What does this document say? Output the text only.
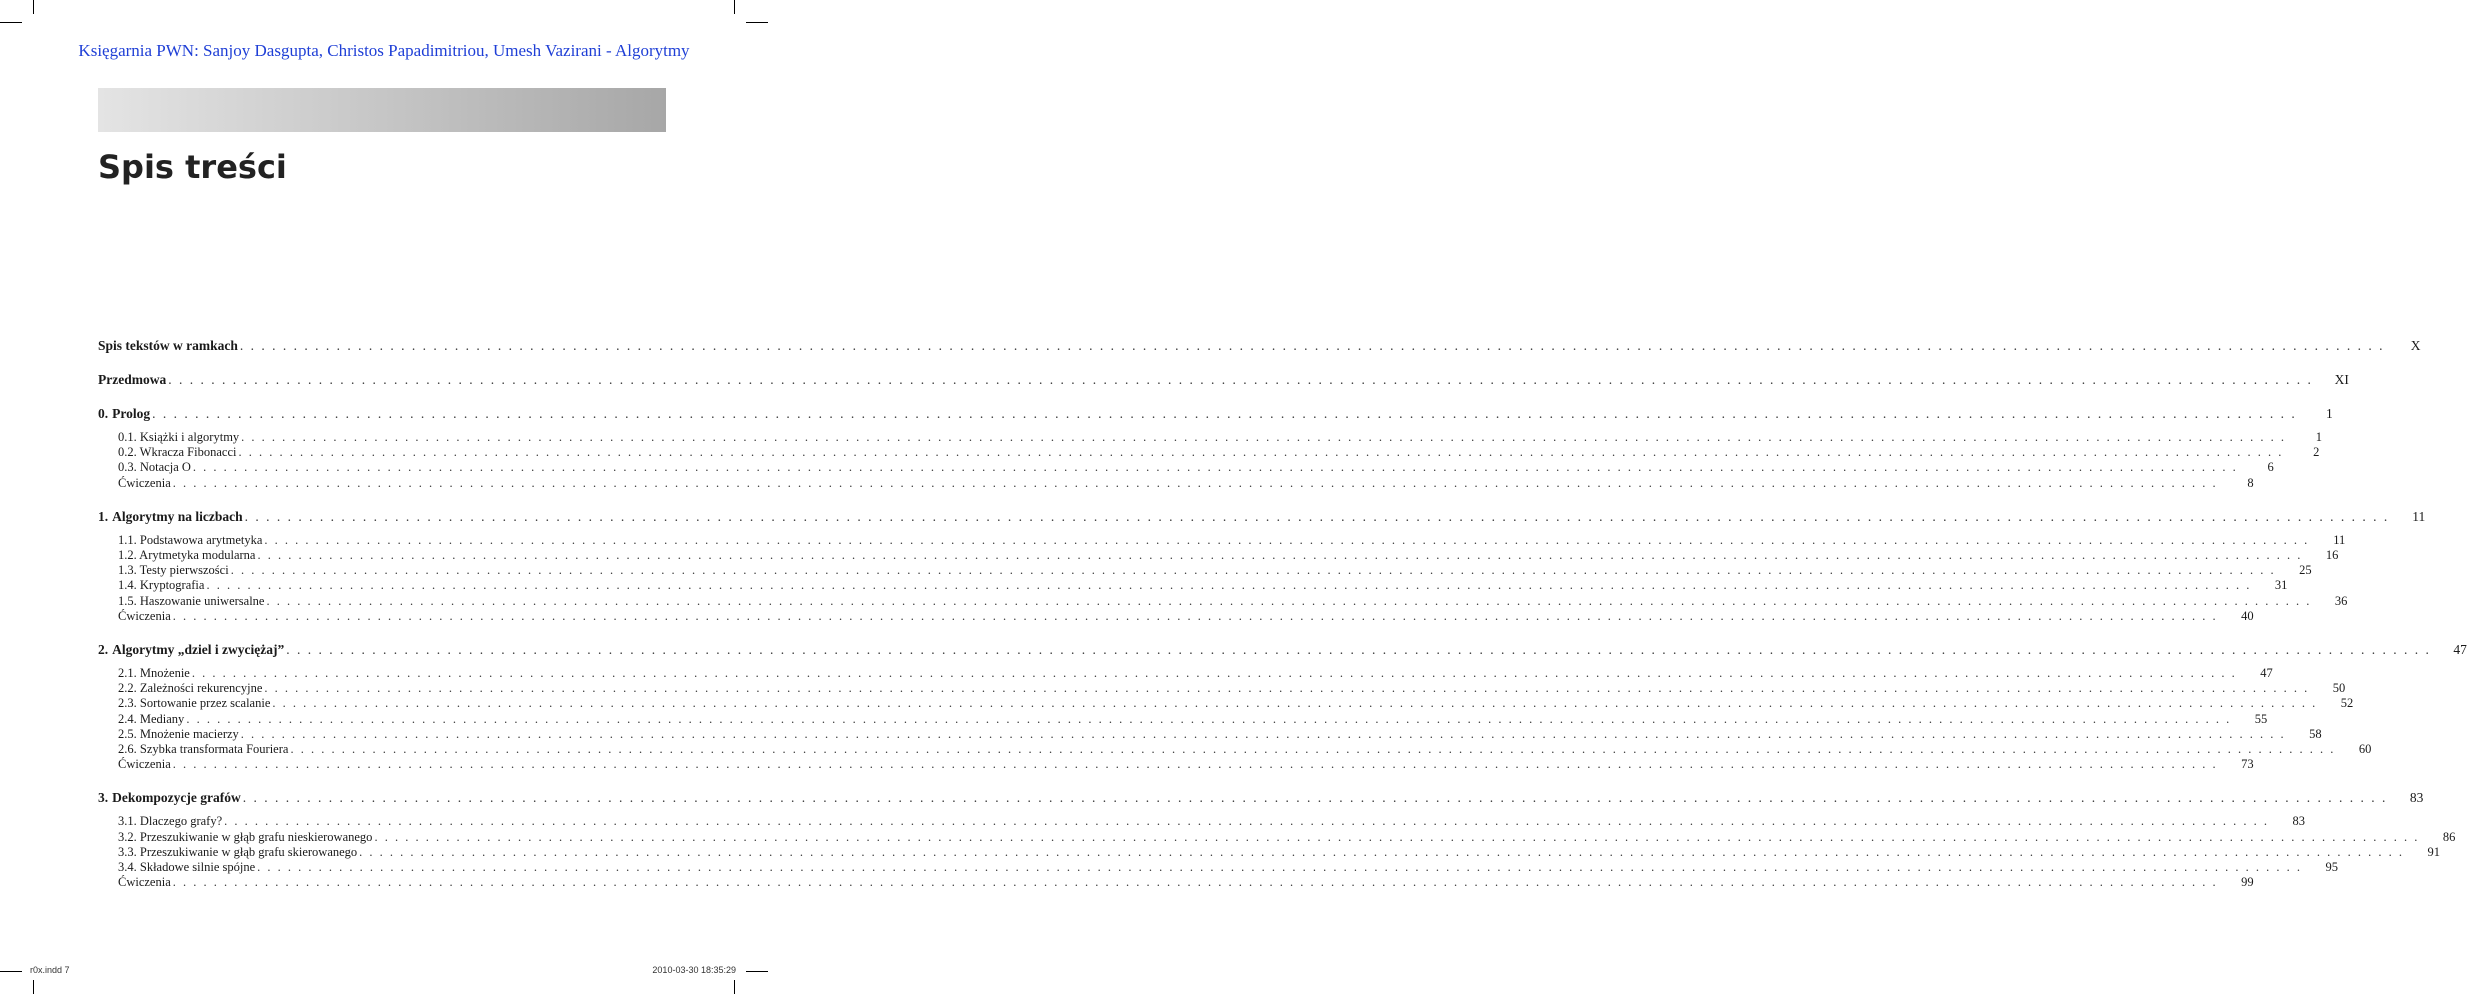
Księgarnia PWN: Sanjoy Dasgupta, Christos Papadimitriou, Umesh Vazirani - Algorytmy
Spis treści
Spis tekstów w ramkach . . . . . . . . . . . . . . . . . . . . . . . . . . . . . . . . . . . . . . . . . . . . . . . . . . . . . . . . . . . . . . . . . . . . . . . . . . . . . . . . . . . . . . . . . . . . . . . . . . . . . . . . . . . . . . . . . . . . . . . . . . . . . . . . . . . . . . . . . . . . . . . . . . . . . . . . . . . . . . . . . . . . . . . . . . . . . . . . . . . . . . . . . . . . . . . . . . . . . . . .	X
Przedmowa . . . . . . . . . . . . . . . . . . . . . . . . . . . . . . . . . . . . . . . . . . . . . . . . . . . . . . . . . . . . . . . . . . . . . . . . . . . . . . . . . . . . . . . . . . . . . . . . . . . . . . . . . . . . . . . . . . . . . . . . . . . . . . . . . . . . . . . . . . . . . . . . . . . . . . . . . . . . . . . . . . . . . . . . . . . . . . . . . . . . . . . . . . . . . . . . . . . . . . . .	XI
0. Prolog . . . . . . . . . . . . . . . . . . . . . . . . . . . . . . . . . . . . . . . . . . . . . . . . . . . . . . . . . . . . . . . . . . . . . . . . . . . . . . . . . . . . . . . . . . . . . . . . . . . . . . . . . . . . . . . . . . . . . . . . . . . . . . . . . . . . . . . . . . . . . . . . . . . . . . . . . . . . . . . . . . . . . . . . . . . . . . . . . . . . . . . . . . . . . . . . . . . . . . . .	1
0.1. Książki i algorytmy . . . . . . . . . . . . . . . . . . . . . . . . . . . . . . . . . . . . . . . . . . . . . . . . . . . . . . . . . . . . . . . . . . . . . . . . . . . . . . . . . . . . . . . . . . . . . . . . . . . . . . . . . . . . . . . . . . . . . . . . . . . . . . . . . . . . . . . . . . . . . . . . . . . . . . . . . . . . . . . . . . . . . . . . . . . . . . . . . . . . . . . . . . . . . . . . . . . . . . . .	1
0.2. Wkracza Fibonacci . . . . . . . . . . . . . . . . . . . . . . . . . . . . . . . . . . . . . . . . . . . . . . . . . . . . . . . . . . . . . . . . . . . . . . . . . . . . . . . . . . . . . . . . . . . . . . . . . . . . . . . . . . . . . . . . . . . . . . . . . . . . . . . . . . . . . . . . . . . . . . . . . . . . . . . . . . . . . . . . . . . . . . . . . . . . . . . . . . . . . . . . . . . . . . . . . . . . . . . .	2
0.3. Notacja O . . . . . . . . . . . . . . . . . . . . . . . . . . . . . . . . . . . . . . . . . . . . . . . . . . . . . . . . . . . . . . . . . . . . . . . . . . . . . . . . . . . . . . . . . . . . . . . . . . . . . . . . . . . . . . . . . . . . . . . . . . . . . . . . . . . . . . . . . . . . . . . . . . . . . . . . . . . . . . . . . . . . . . . . . . . . . . . . . . . . . . . . . . . . . . . . . . . . . . . .	6
Ćwiczenia . . . . . . . . . . . . . . . . . . . . . . . . . . . . . . . . . . . . . . . . . . . . . . . . . . . . . . . . . . . . . . . . . . . . . . . . . . . . . . . . . . . . . . . . . . . . . . . . . . . . . . . . . . . . . . . . . . . . . . . . . . . . . . . . . . . . . . . . . . . . . . . . . . . . . . . . . . . . . . . . . . . . . . . . . . . . . . . . . . . . . . . . . . . . . . . . . . . . . . . .	8
1. Algorytmy na liczbach . . . . . . . . . . . . . . . . . . . . . . . . . . . . . . . . . . . . . . . . . . . . . . . . . . . . . . . . . . . . . . . . . . . . . . . . . . . . . . . . . . . . . . . . . . . . . . . . . . . . . . . . . . . . . . . . . . . . . . . . . . . . . . . . . . . . . . . . . . . . . . . . . . . . . . . . . . . . . . . . . . . . . . . . . . . . . . . . . . . . . . . . . . . . . . . . . . . . . . . .	11
1.1. Podstawowa arytmetyka . . . . . . . . . . . . . . . . . . . . . . . . . . . . . . . . . . . . . . . . . . . . . . . . . . . . . . . . . . . . . . . . . . . . . . . . . . . . . . . . . . . . . . . . . . . . . . . . . . . . . . . . . . . . . . . . . . . . . . . . . . . . . . . . . . . . . . . . . . . . . . . . . . . . . . . . . . . . . . . . . . . . . . . . . . . . . . . . . . . . . . . . . . . . . . . . . . . . . . . .	11
1.2. Arytmetyka modularna . . . . . . . . . . . . . . . . . . . . . . . . . . . . . . . . . . . . . . . . . . . . . . . . . . . . . . . . . . . . . . . . . . . . . . . . . . . . . . . . . . . . . . . . . . . . . . . . . . . . . . . . . . . . . . . . . . . . . . . . . . . . . . . . . . . . . . . . . . . . . . . . . . . . . . . . . . . . . . . . . . . . . . . . . . . . . . . . . . . . . . . . . . . . . . . . . . . . . . . .	16
1.3. Testy pierwszości . . . . . . . . . . . . . . . . . . . . . . . . . . . . . . . . . . . . . . . . . . . . . . . . . . . . . . . . . . . . . . . . . . . . . . . . . . . . . . . . . . . . . . . . . . . . . . . . . . . . . . . . . . . . . . . . . . . . . . . . . . . . . . . . . . . . . . . . . . . . . . . . . . . . . . . . . . . . . . . . . . . . . . . . . . . . . . . . . . . . . . . . . . . . . . . . . . . . . . . .	25
1.4. Kryptografia . . . . . . . . . . . . . . . . . . . . . . . . . . . . . . . . . . . . . . . . . . . . . . . . . . . . . . . . . . . . . . . . . . . . . . . . . . . . . . . . . . . . . . . . . . . . . . . . . . . . . . . . . . . . . . . . . . . . . . . . . . . . . . . . . . . . . . . . . . . . . . . . . . . . . . . . . . . . . . . . . . . . . . . . . . . . . . . . . . . . . . . . . . . . . . . . . . . . . . . .	31
1.5. Haszowanie uniwersalne . . . . . . . . . . . . . . . . . . . . . . . . . . . . . . . . . . . . . . . . . . . . . . . . . . . . . . . . . . . . . . . . . . . . . . . . . . . . . . . . . . . . . . . . . . . . . . . . . . . . . . . . . . . . . . . . . . . . . . . . . . . . . . . . . . . . . . . . . . . . . . . . . . . . . . . . . . . . . . . . . . . . . . . . . . . . . . . . . . . . . . . . . . . . . . . . . . . . . . . .	36
Ćwiczenia . . . . . . . . . . . . . . . . . . . . . . . . . . . . . . . . . . . . . . . . . . . . . . . . . . . . . . . . . . . . . . . . . . . . . . . . . . . . . . . . . . . . . . . . . . . . . . . . . . . . . . . . . . . . . . . . . . . . . . . . . . . . . . . . . . . . . . . . . . . . . . . . . . . . . . . . . . . . . . . . . . . . . . . . . . . . . . . . . . . . . . . . . . . . . . . . . . . . . . . .	40
2. Algorytmy „dziel i zwyciężaj” . . . . . . . . . . . . . . . . . . . . . . . . . . . . . . . . . . . . . . . . . . . . . . . . . . . . . . . . . . . . . . . . . . . . . . . . . . . . . . . . . . . . . . . . . . . . . . . . . . . . . . . . . . . . . . . . . . . . . . . . . . . . . . . . . . . . . . . . . . . . . . . . . . . . . . . . . . . . . . . . . . . . . . . . . . . . . . . . . . . . . . . . . . . . . . . . . . . . . . . .	47
2.1. Mnożenie . . . . . . . . . . . . . . . . . . . . . . . . . . . . . . . . . . . . . . . . . . . . . . . . . . . . . . . . . . . . . . . . . . . . . . . . . . . . . . . . . . . . . . . . . . . . . . . . . . . . . . . . . . . . . . . . . . . . . . . . . . . . . . . . . . . . . . . . . . . . . . . . . . . . . . . . . . . . . . . . . . . . . . . . . . . . . . . . . . . . . . . . . . . . . . . . . . . . . . . .	47
2.2. Zależności rekurencyjne . . . . . . . . . . . . . . . . . . . . . . . . . . . . . . . . . . . . . . . . . . . . . . . . . . . . . . . . . . . . . . . . . . . . . . . . . . . . . . . . . . . . . . . . . . . . . . . . . . . . . . . . . . . . . . . . . . . . . . . . . . . . . . . . . . . . . . . . . . . . . . . . . . . . . . . . . . . . . . . . . . . . . . . . . . . . . . . . . . . . . . . . . . . . . . . . . . . . . . . .	50
2.3. Sortowanie przez scalanie . . . . . . . . . . . . . . . . . . . . . . . . . . . . . . . . . . . . . . . . . . . . . . . . . . . . . . . . . . . . . . . . . . . . . . . . . . . . . . . . . . . . . . . . . . . . . . . . . . . . . . . . . . . . . . . . . . . . . . . . . . . . . . . . . . . . . . . . . . . . . . . . . . . . . . . . . . . . . . . . . . . . . . . . . . . . . . . . . . . . . . . . . . . . . . . . . . . . . . . .	52
2.4. Mediany . . . . . . . . . . . . . . . . . . . . . . . . . . . . . . . . . . . . . . . . . . . . . . . . . . . . . . . . . . . . . . . . . . . . . . . . . . . . . . . . . . . . . . . . . . . . . . . . . . . . . . . . . . . . . . . . . . . . . . . . . . . . . . . . . . . . . . . . . . . . . . . . . . . . . . . . . . . . . . . . . . . . . . . . . . . . . . . . . . . . . . . . . . . . . . . . . . . . . . . .	55
2.5. Mnożenie macierzy . . . . . . . . . . . . . . . . . . . . . . . . . . . . . . . . . . . . . . . . . . . . . . . . . . . . . . . . . . . . . . . . . . . . . . . . . . . . . . . . . . . . . . . . . . . . . . . . . . . . . . . . . . . . . . . . . . . . . . . . . . . . . . . . . . . . . . . . . . . . . . . . . . . . . . . . . . . . . . . . . . . . . . . . . . . . . . . . . . . . . . . . . . . . . . . . . . . . . . . .	58
2.6. Szybka transformata Fouriera . . . . . . . . . . . . . . . . . . . . . . . . . . . . . . . . . . . . . . . . . . . . . . . . . . . . . . . . . . . . . . . . . . . . . . . . . . . . . . . . . . . . . . . . . . . . . . . . . . . . . . . . . . . . . . . . . . . . . . . . . . . . . . . . . . . . . . . . . . . . . . . . . . . . . . . . . . . . . . . . . . . . . . . . . . . . . . . . . . . . . . . . . . . . . . . . . . . . . . . .	60
Ćwiczenia . . . . . . . . . . . . . . . . . . . . . . . . . . . . . . . . . . . . . . . . . . . . . . . . . . . . . . . . . . . . . . . . . . . . . . . . . . . . . . . . . . . . . . . . . . . . . . . . . . . . . . . . . . . . . . . . . . . . . . . . . . . . . . . . . . . . . . . . . . . . . . . . . . . . . . . . . . . . . . . . . . . . . . . . . . . . . . . . . . . . . . . . . . . . . . . . . . . . . . . .	73
3. Dekompozycje grafów . . . . . . . . . . . . . . . . . . . . . . . . . . . . . . . . . . . . . . . . . . . . . . . . . . . . . . . . . . . . . . . . . . . . . . . . . . . . . . . . . . . . . . . . . . . . . . . . . . . . . . . . . . . . . . . . . . . . . . . . . . . . . . . . . . . . . . . . . . . . . . . . . . . . . . . . . . . . . . . . . . . . . . . . . . . . . . . . . . . . . . . . . . . . . . . . . . . . . . . .	83
3.1. Dlaczego grafy? . . . . . . . . . . . . . . . . . . . . . . . . . . . . . . . . . . . . . . . . . . . . . . . . . . . . . . . . . . . . . . . . . . . . . . . . . . . . . . . . . . . . . . . . . . . . . . . . . . . . . . . . . . . . . . . . . . . . . . . . . . . . . . . . . . . . . . . . . . . . . . . . . . . . . . . . . . . . . . . . . . . . . . . . . . . . . . . . . . . . . . . . . . . . . . . . . . . . . . . .	83
3.2. Przeszukiwanie w głąb grafu nieskierowanego . . . . . . . . . . . . . . . . . . . . . . . . . . . . . . . . . . . . . . . . . . . . . . . . . . . . . . . . . . . . . . . . . . . . . . . . . . . . . . . . . . . . . . . . . . . . . . . . . . . . . . . . . . . . . . . . . . . . . . . . . . . . . . . . . . . . . . . . . . . . . . . . . . . . . . . . . . . . . . . . . . . . . . . . . . . . . . . . . . . . . . . . . . . . . . . . . . . . . . . .	86
3.3. Przeszukiwanie w głąb grafu skierowanego . . . . . . . . . . . . . . . . . . . . . . . . . . . . . . . . . . . . . . . . . . . . . . . . . . . . . . . . . . . . . . . . . . . . . . . . . . . . . . . . . . . . . . . . . . . . . . . . . . . . . . . . . . . . . . . . . . . . . . . . . . . . . . . . . . . . . . . . . . . . . . . . . . . . . . . . . . . . . . . . . . . . . . . . . . . . . . . . . . . . . . . . . . . . . . . . . . . . . . . .	91
3.4. Składowe silnie spójne . . . . . . . . . . . . . . . . . . . . . . . . . . . . . . . . . . . . . . . . . . . . . . . . . . . . . . . . . . . . . . . . . . . . . . . . . . . . . . . . . . . . . . . . . . . . . . . . . . . . . . . . . . . . . . . . . . . . . . . . . . . . . . . . . . . . . . . . . . . . . . . . . . . . . . . . . . . . . . . . . . . . . . . . . . . . . . . . . . . . . . . . . . . . . . . . . . . . . . . .	95
Ćwiczenia . . . . . . . . . . . . . . . . . . . . . . . . . . . . . . . . . . . . . . . . . . . . . . . . . . . . . . . . . . . . . . . . . . . . . . . . . . . . . . . . . . . . . . . . . . . . . . . . . . . . . . . . . . . . . . . . . . . . . . . . . . . . . . . . . . . . . . . . . . . . . . . . . . . . . . . . . . . . . . . . . . . . . . . . . . . . . . . . . . . . . . . . . . . . . . . . . . . . . . . .	99
r0x.indd 7	2010-03-30 18:35:29
